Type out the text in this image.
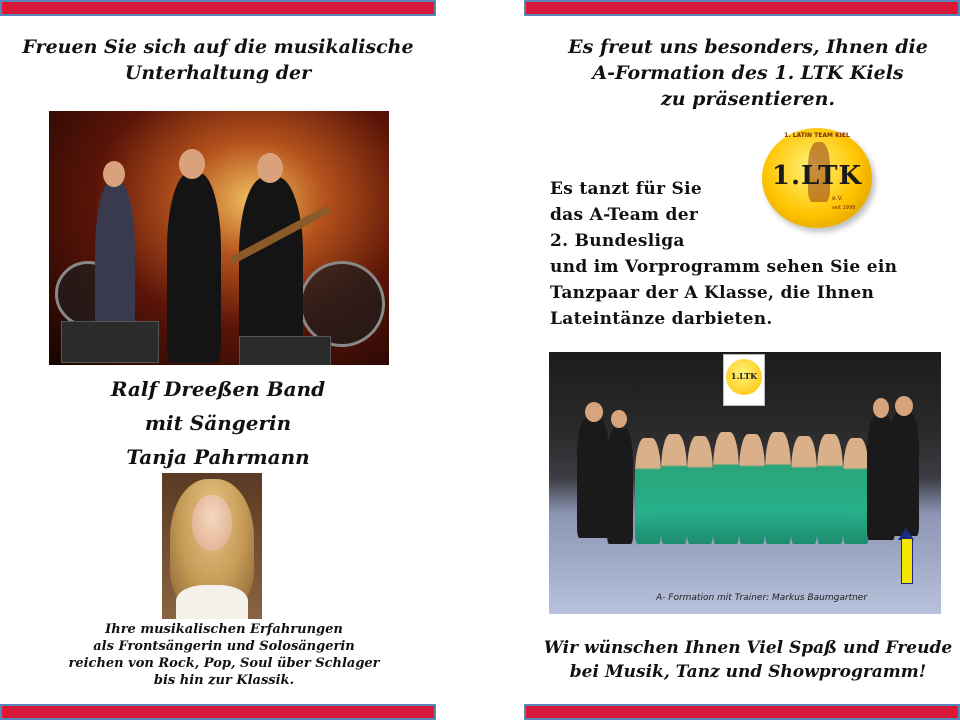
Freuen Sie sich auf die musikalische
Unterhaltung der
Ralf Dreeßen Band
mit Sängerin
Tanja Pahrmann
Ihre musikalischen Erfahrungen
als Frontsängerin und Solosängerin
reichen von Rock, Pop, Soul über Schlager
bis hin zur Klassik.
Es freut uns besonders, Ihnen die
A-Formation des 1. LTK Kiels
zu präsentieren.
1. LATIN TEAM KIEL
1.LTK
e.V.
seit 1999
Es tanzt für Sie
das A-Team der
2. Bundesliga
und im Vorprogramm sehen Sie ein
Tanzpaar der A Klasse, die Ihnen
Lateintänze darbieten.
1.LTK
A- Formation mit Trainer: Markus Baumgartner
Wir wünschen Ihnen Viel Spaß und Freude
bei Musik, Tanz und Showprogramm!
